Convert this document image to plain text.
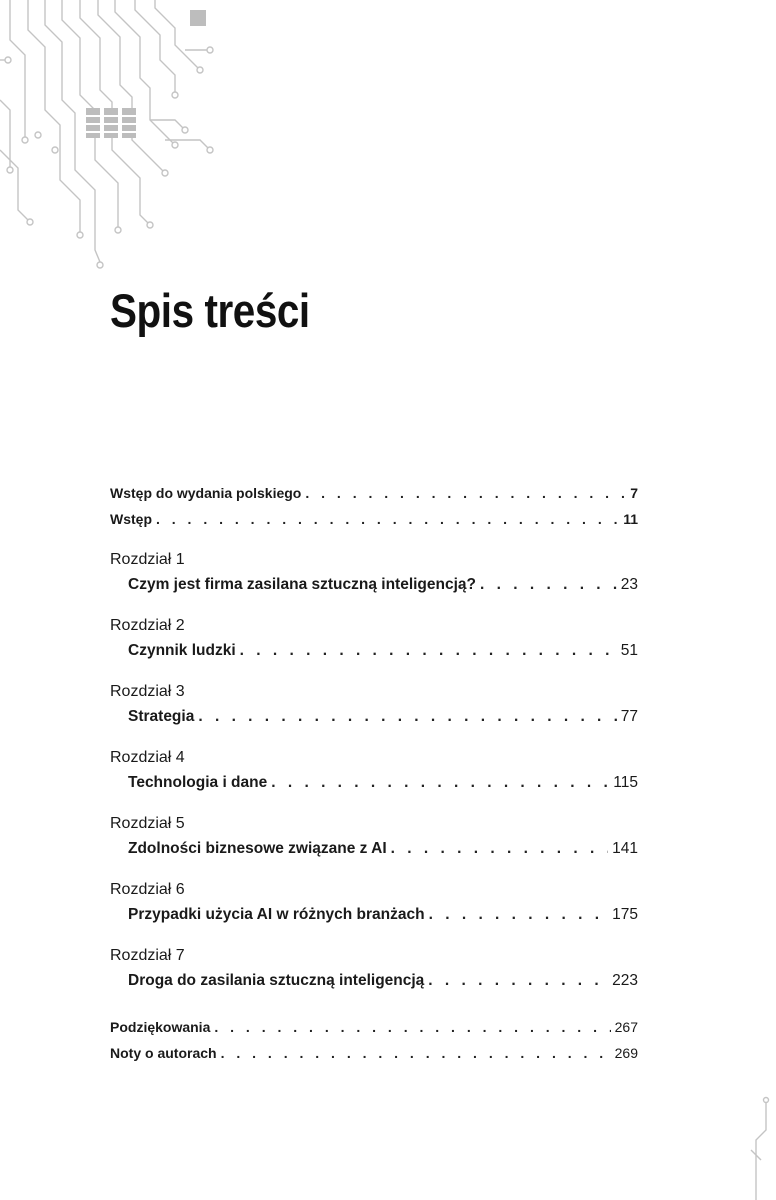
Spis treści
Wstęp do wydania polskiego . . .	7
Wstęp . . .	11
Rozdział 1
Czym jest firma zasilana sztuczną inteligencją? . . .	23
Rozdział 2
Czynnik ludzki . . .	51
Rozdział 3
Strategia . . .	77
Rozdział 4
Technologia i dane . . .	115
Rozdział 5
Zdolności biznesowe związane z AI . . .	141
Rozdział 6
Przypadki użycia AI w różnych branżach . . .	175
Rozdział 7
Droga do zasilania sztuczną inteligencją . . .	223
Podziękowania . . .	267
Noty o autorach . . .	269
